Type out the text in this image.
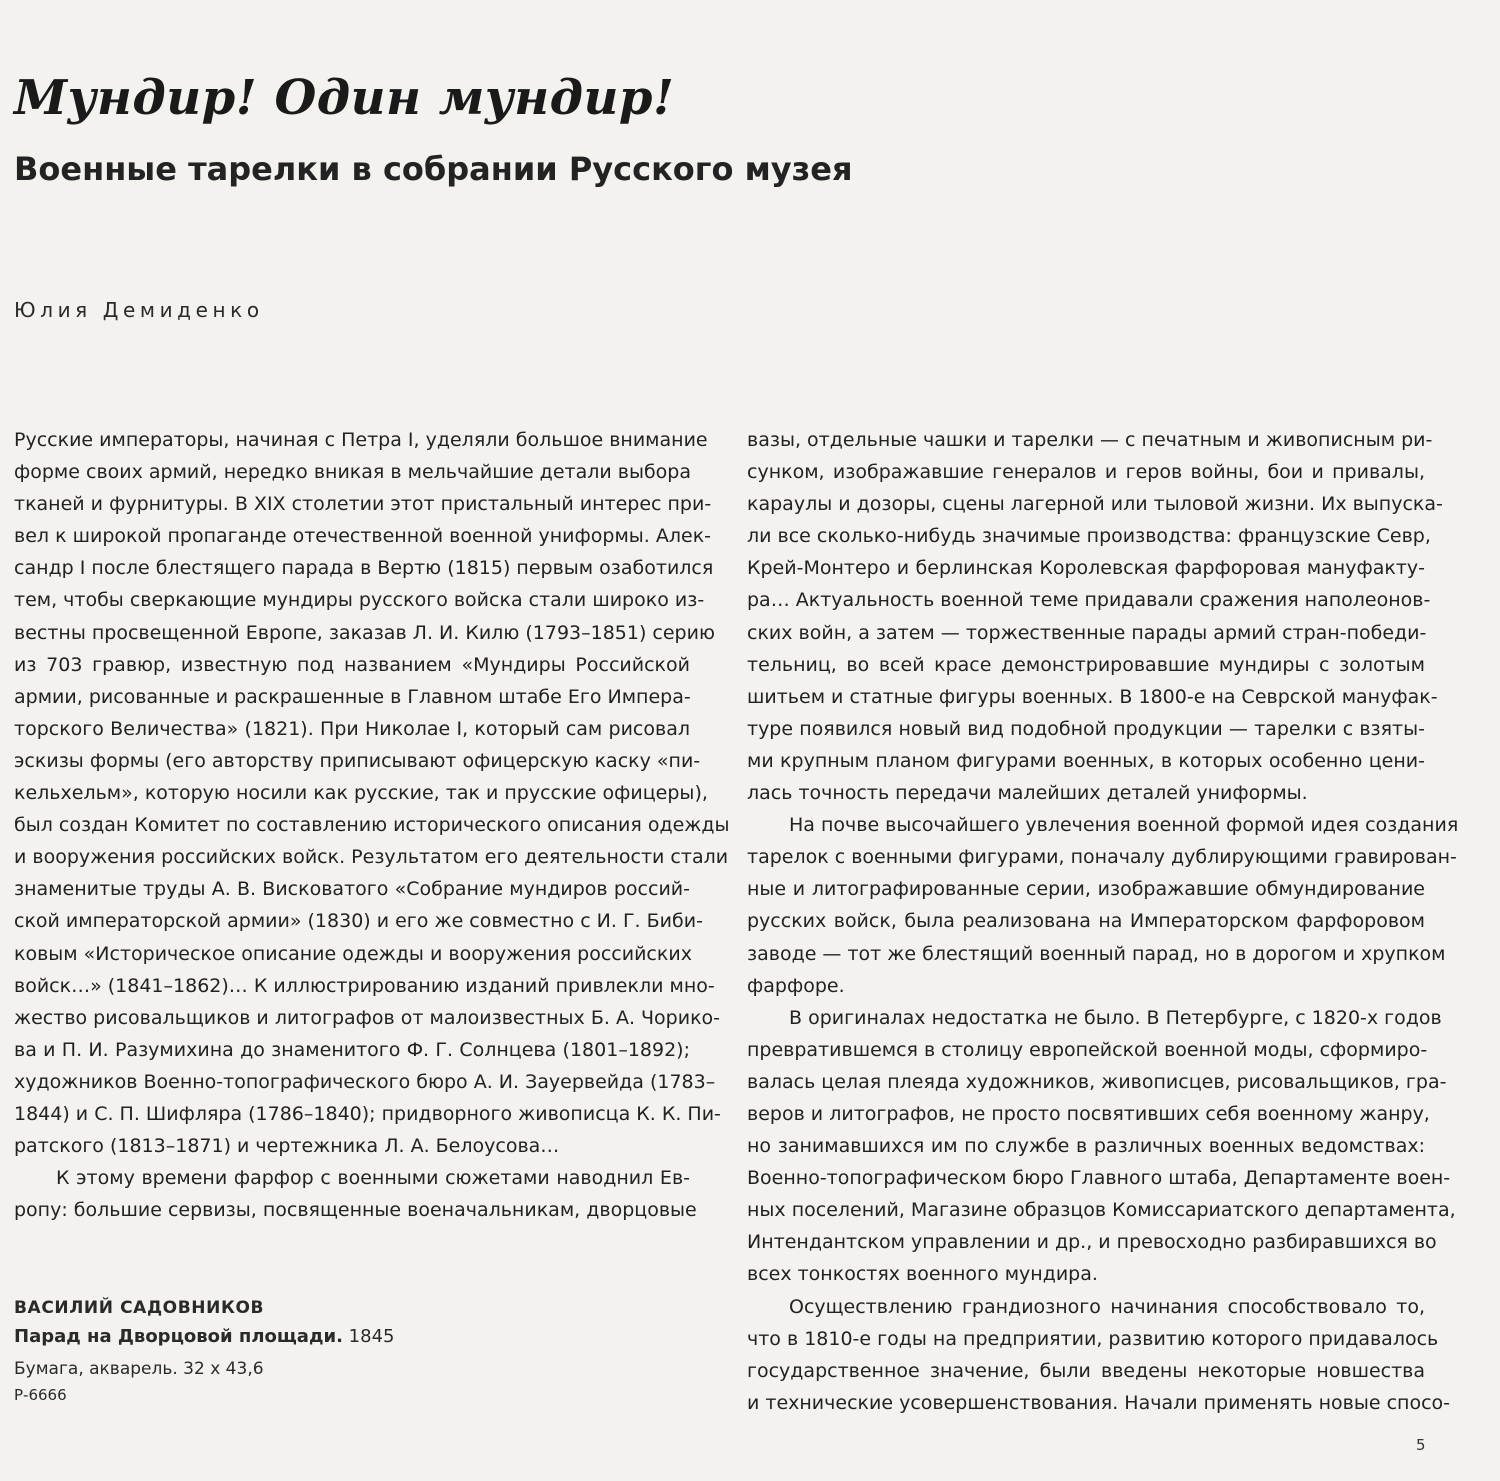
Мундир! Один мундир!
Военные тарелки в собрании Русского музея
Юлия Демиденко
Русские императоры, начиная с Петра I, уделяли большое внимание
форме своих армий, нередко вникая в мельчайшие детали выбора
тканей и фурнитуры. В XIX столетии этот пристальный интерес при-
вел к широкой пропаганде отечественной военной униформы. Алек-
сандр I после блестящего парада в Вертю (1815) первым озаботился
тем, чтобы сверкающие мундиры русского войска стали широко из-
вестны просвещенной Европе, заказав Л. И. Килю (1793–1851) серию
из 703 гравюр, известную под названием «Мундиры Российской
армии, рисованные и раскрашенные в Главном штабе Его Импера-
торского Величества» (1821). При Николае I, который сам рисовал
эскизы формы (его авторству приписывают офицерскую каску «пи-
кельхельм», которую носили как русские, так и прусские офицеры),
был создан Комитет по составлению исторического описания одежды
и вооружения российских войск. Результатом его деятельности стали
знаменитые труды А. В. Висковатого «Собрание мундиров россий-
ской императорской армии» (1830) и его же совместно с И. Г. Биби-
ковым «Историческое описание одежды и вооружения российских
войск…» (1841–1862)… К иллюстрированию изданий привлекли мно-
жество рисовальщиков и литографов от малоизвестных Б. А. Чорико-
ва и П. И. Разумихина до знаменитого Ф. Г. Солнцева (1801–1892);
художников Военно-топографического бюро А. И. Зауервейда (1783–
1844) и С. П. Шифляра (1786–1840); придворного живописца К. К. Пи-
ратского (1813–1871) и чертежника Л. А. Белоусова…
К этому времени фарфор с военными сюжетами наводнил Ев-
ропу: большие сервизы, посвященные военачальникам, дворцовые
вазы, отдельные чашки и тарелки — с печатным и живописным ри-
сунком, изображавшие генералов и геров войны, бои и привалы,
караулы и дозоры, сцены лагерной или тыловой жизни. Их выпуска-
ли все сколько-нибудь значимые производства: французские Севр,
Крей-Монтеро и берлинская Королевская фарфоровая мануфакту-
ра… Актуальность военной теме придавали сражения наполеонов-
ских войн, а затем — торжественные парады армий стран-победи-
тельниц, во всей красе демонстрировавшие мундиры с золотым
шитьем и статные фигуры военных. В 1800-е на Севрской мануфак-
туре появился новый вид подобной продукции — тарелки с взяты-
ми крупным планом фигурами военных, в которых особенно цени-
лась точность передачи малейших деталей униформы.
На почве высочайшего увлечения военной формой идея создания
тарелок с военными фигурами, поначалу дублирующими гравирован-
ные и литографированные серии, изображавшие обмундирование
русских войск, была реализована на Императорском фарфоровом
заводе — тот же блестящий военный парад, но в дорогом и хрупком
фарфоре.
В оригиналах недостатка не было. В Петербурге, с 1820-х годов
превратившемся в столицу европейской военной моды, сформиро-
валась целая плеяда художников, живописцев, рисовальщиков, гра-
веров и литографов, не просто посвятивших себя военному жанру,
но занимавшихся им по службе в различных военных ведомствах:
Военно-топографическом бюро Главного штаба, Департаменте воен-
ных поселений, Магазине образцов Комиссариатского департамента,
Интендантском управлении и др., и превосходно разбиравшихся во
всех тонкостях военного мундира.
Осуществлению грандиозного начинания способствовало то,
что в 1810-е годы на предприятии, развитию которого придавалось
государственное значение, были введены некоторые новшества
и технические усовершенствования. Начали применять новые спосо-
ВАСИЛИЙ САДОВНИКОВ
Парад на Дворцовой площади. 1845
Бумага, акварель. 32 х 43,6
Р-6666
5
